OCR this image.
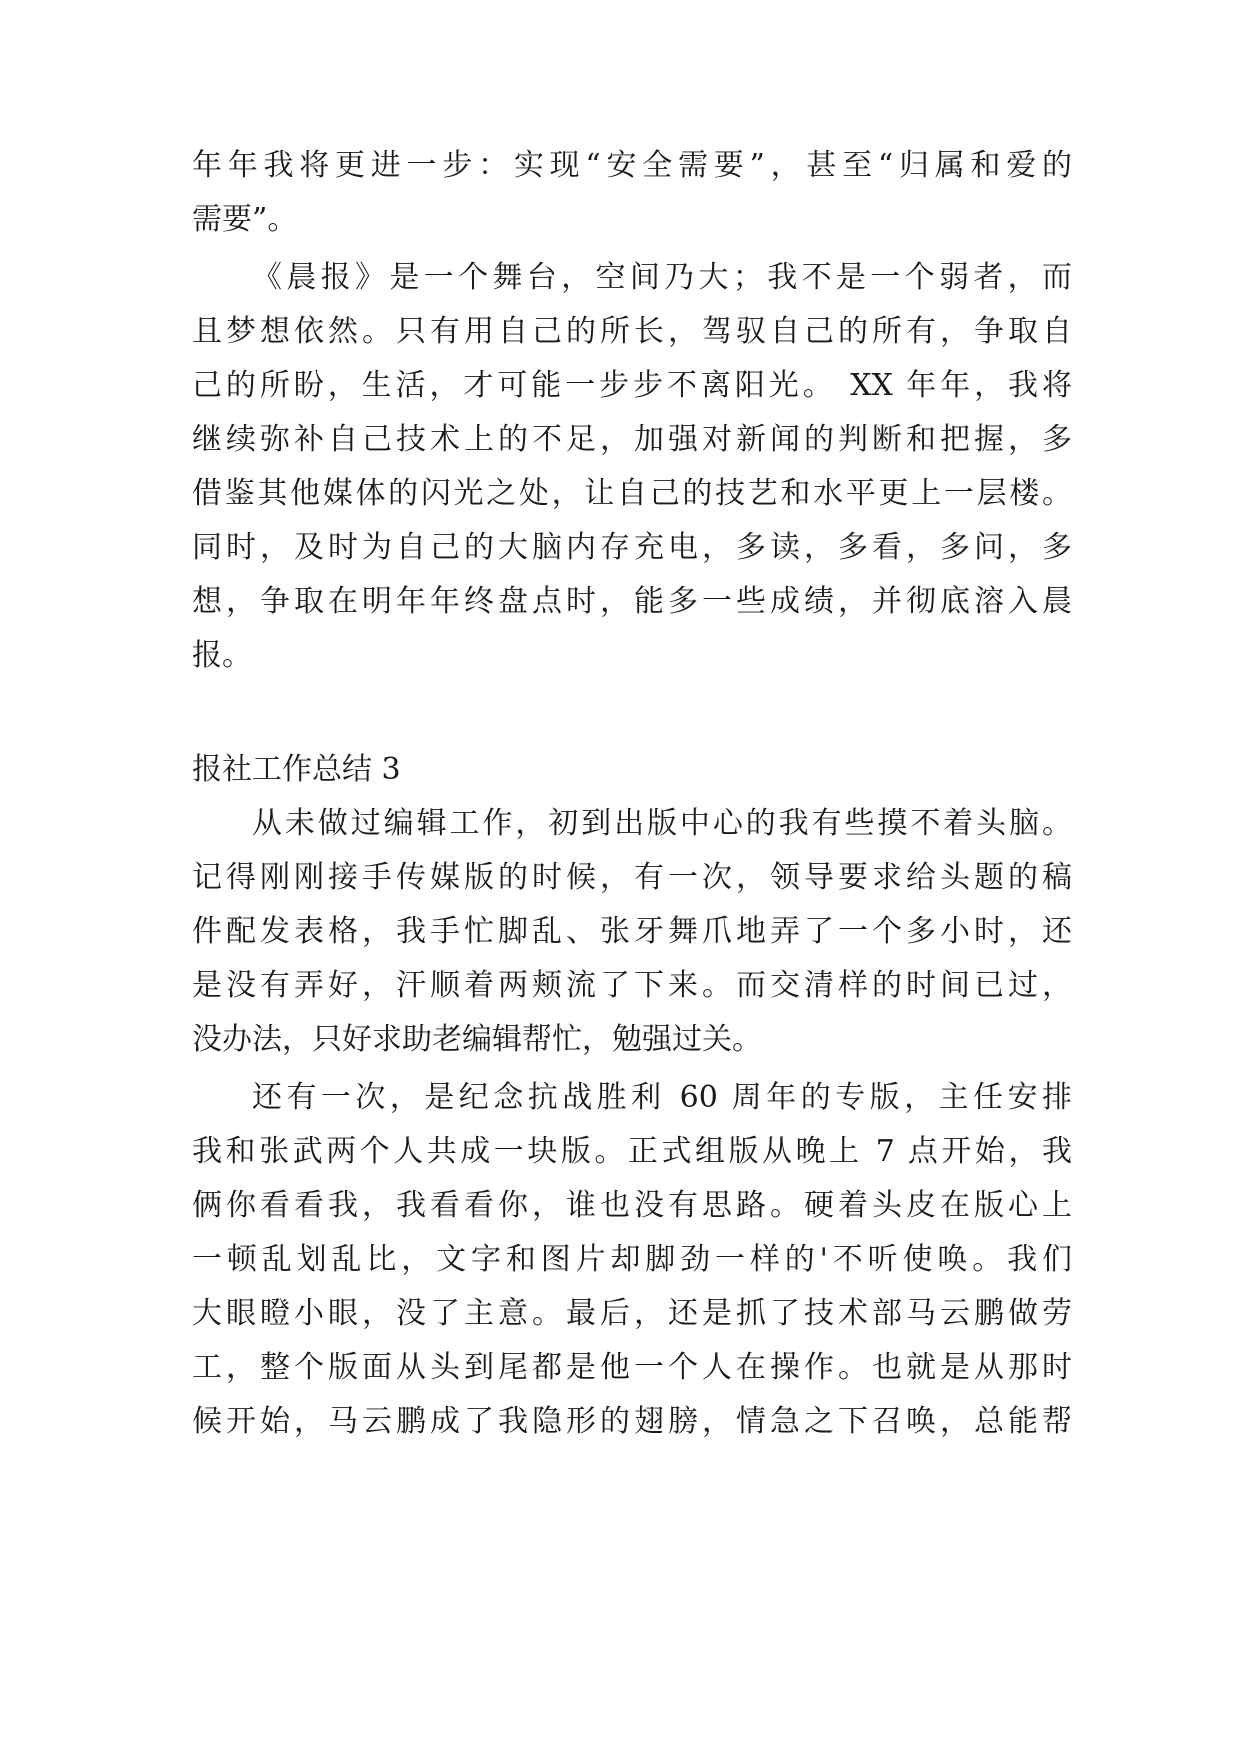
年年我将更进一步：实现“安全需要”，甚至“归属和爱的
需要”。
《晨报》是一个舞台，空间乃大；我不是一个弱者，而
且梦想依然。只有用自己的所长，驾驭自己的所有，争取自
己的所盼，生活，才可能一步步不离阳光。 XX 年年，我将
继续弥补自己技术上的不足，加强对新闻的判断和把握，多
借鉴其他媒体的闪光之处，让自己的技艺和水平更上一层楼。
同时，及时为自己的大脑内存充电，多读，多看，多问，多
想，争取在明年年终盘点时，能多一些成绩，并彻底溶入晨
报。
报社工作总结 3
从未做过编辑工作，初到出版中心的我有些摸不着头脑。
记得刚刚接手传媒版的时候，有一次，领导要求给头题的稿
件配发表格，我手忙脚乱、张牙舞爪地弄了一个多小时，还
是没有弄好，汗顺着两颊流了下来。而交清样的时间已过，
没办法，只好求助老编辑帮忙，勉强过关。
还有一次，是纪念抗战胜利 60 周年的专版，主任安排
我和张武两个人共成一块版。正式组版从晚上 7 点开始，我
俩你看看我，我看看你，谁也没有思路。硬着头皮在版心上
一顿乱划乱比，文字和图片却脚劲一样的'不听使唤。我们
大眼瞪小眼，没了主意。最后，还是抓了技术部马云鹏做劳
工，整个版面从头到尾都是他一个人在操作。也就是从那时
候开始，马云鹏成了我隐形的翅膀，情急之下召唤，总能帮
